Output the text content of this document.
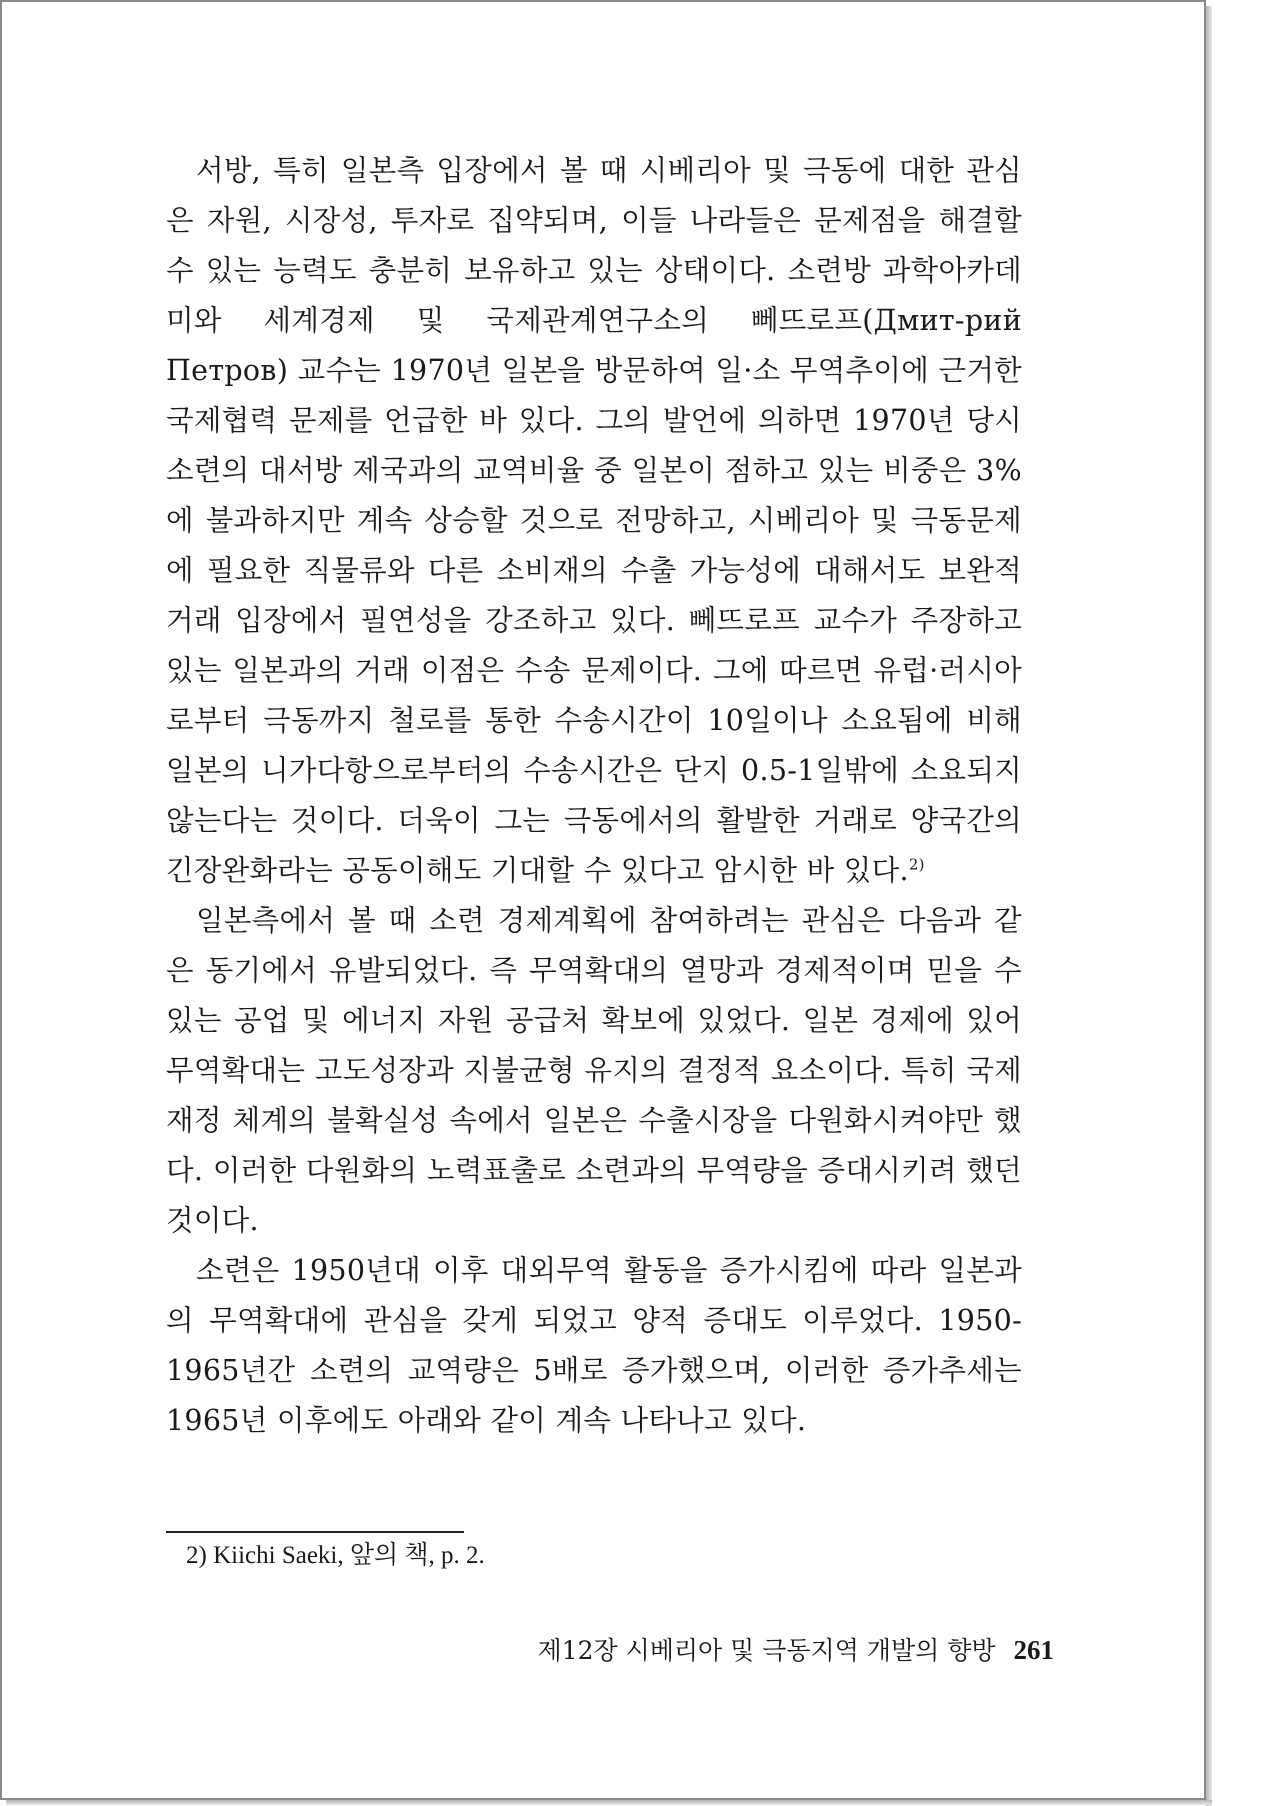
서방, 특히 일본측 입장에서 볼 때 시베리아 및 극동에 대한 관심은 자원, 시장성, 투자로 집약되며, 이들 나라들은 문제점을 해결할 수 있는 능력도 충분히 보유하고 있는 상태이다. 소련방 과학아카데미와 세계경제 및 국제관계연구소의 뻬뜨로프(Дмит-рий Петров) 교수는 1970년 일본을 방문하여 일·소 무역추이에 근거한 국제협력 문제를 언급한 바 있다. 그의 발언에 의하면 1970년 당시 소련의 대서방 제국과의 교역비율 중 일본이 점하고 있는 비중은 3%에 불과하지만 계속 상승할 것으로 전망하고, 시베리아 및 극동문제에 필요한 직물류와 다른 소비재의 수출 가능성에 대해서도 보완적 거래 입장에서 필연성을 강조하고 있다. 뻬뜨로프 교수가 주장하고 있는 일본과의 거래 이점은 수송 문제이다. 그에 따르면 유럽·러시아로부터 극동까지 철로를 통한 수송시간이 10일이나 소요됨에 비해 일본의 니가다항으로부터의 수송시간은 단지 0.5-1일밖에 소요되지 않는다는 것이다. 더욱이 그는 극동에서의 활발한 거래로 양국간의 긴장완화라는 공동이해도 기대할 수 있다고 암시한 바 있다.$^{2)}$

일본측에서 볼 때 소련 경제계획에 참여하려는 관심은 다음과 같은 동기에서 유발되었다. 즉 무역확대의 열망과 경제적이며 믿을 수 있는 공업 및 에너지 자원 공급처 확보에 있었다. 일본 경제에 있어 무역확대는 고도성장과 지불균형 유지의 결정적 요소이다. 특히 국제재정 체계의 불확실성 속에서 일본은 수출시장을 다원화시켜야만 했다. 이러한 다원화의 노력표출로 소련과의 무역량을 증대시키려 했던 것이다.

소련은 1950년대 이후 대외무역 활동을 증가시킴에 따라 일본과의 무역확대에 관심을 갖게 되었고 양적 증대도 이루었다. 1950-1965년간 소련의 교역량은 5배로 증가했으며, 이러한 증가추세는 1965년 이후에도 아래와 같이 계속 나타나고 있다.

2) Kiichi Saeki, 앞의 책, p. 2.
제12장 시베리아 및 극동지역 개발의 향방 261
